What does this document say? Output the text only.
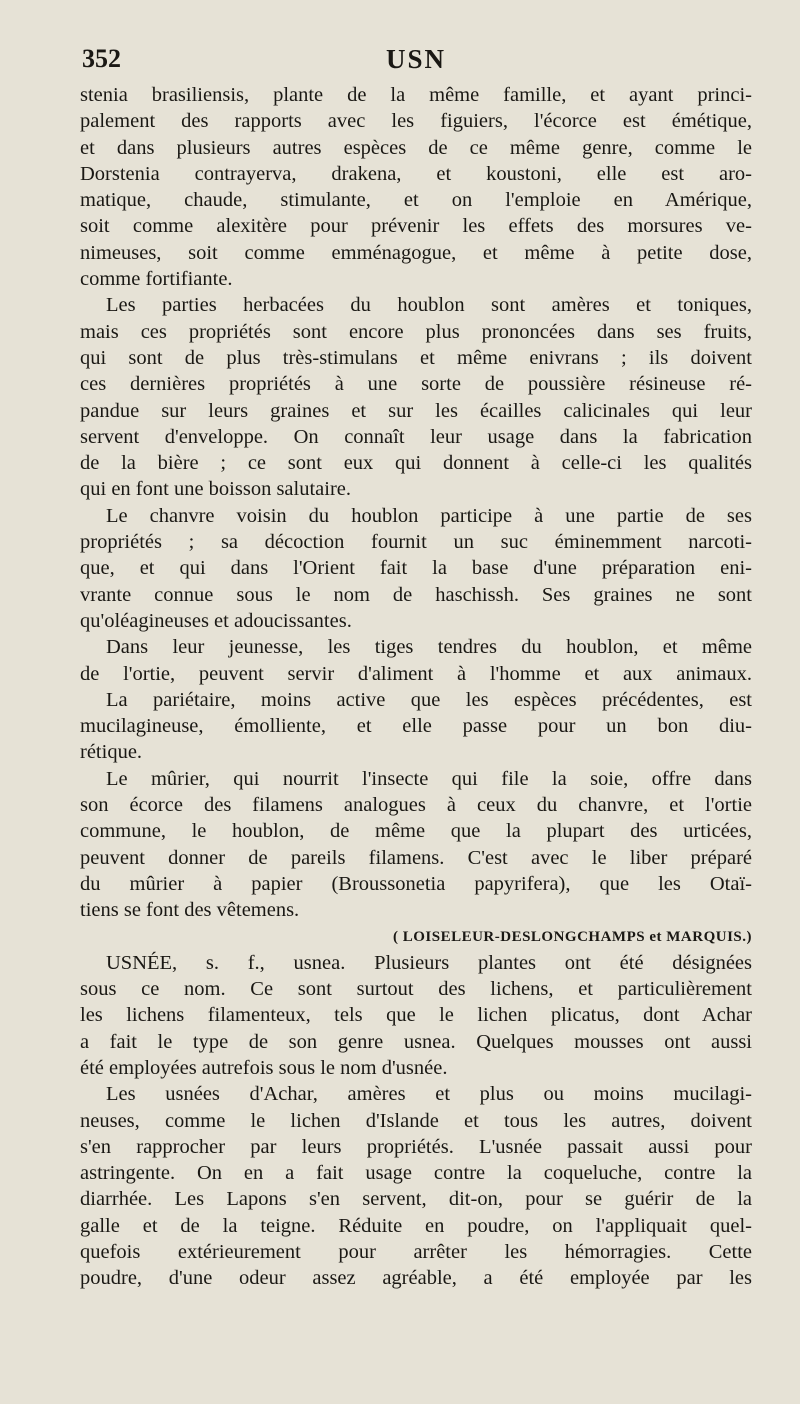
352	USN
stenia brasiliensis, plante de la même famille, et ayant princi-
palement des rapports avec les figuiers, l'écorce est émétique,
et dans plusieurs autres espèces de ce même genre, comme le
Dorstenia contrayerva, drakena, et koustoni, elle est aro-
matique, chaude, stimulante, et on l'emploie en Amérique,
soit comme alexitère pour prévenir les effets des morsures ve-
nimeuses, soit comme emménagogue, et même à petite dose,
comme fortifiante.
Les parties herbacées du houblon sont amères et toniques,
mais ces propriétés sont encore plus prononcées dans ses fruits,
qui sont de plus très-stimulans et même enivrans ; ils doivent
ces dernières propriétés à une sorte de poussière résineuse ré-
pandue sur leurs graines et sur les écailles calicinales qui leur
servent d'enveloppe. On connaît leur usage dans la fabrication
de la bière ; ce sont eux qui donnent à celle-ci les qualités
qui en font une boisson salutaire.
Le chanvre voisin du houblon participe à une partie de ses
propriétés ; sa décoction fournit un suc éminemment narcoti-
que, et qui dans l'Orient fait la base d'une préparation eni-
vrante connue sous le nom de haschissh. Ses graines ne sont
qu'oléagineuses et adoucissantes.
Dans leur jeunesse, les tiges tendres du houblon, et même
de l'ortie, peuvent servir d'aliment à l'homme et aux animaux.
La pariétaire, moins active que les espèces précédentes, est
mucilagineuse, émolliente, et elle passe pour un bon diu-
rétique.
Le mûrier, qui nourrit l'insecte qui file la soie, offre dans
son écorce des filamens analogues à ceux du chanvre, et l'ortie
commune, le houblon, de même que la plupart des urticées,
peuvent donner de pareils filamens. C'est avec le liber préparé
du mûrier à papier (Broussonetia papyrifera), que les Otaï-
tiens se font des vêtemens.
( LOISELEUR-DESLONGCHAMPS et MARQUIS.)
USNÉE, s. f., usnea. Plusieurs plantes ont été désignées
sous ce nom. Ce sont surtout des lichens, et particulièrement
les lichens filamenteux, tels que le lichen plicatus, dont Achar
a fait le type de son genre usnea. Quelques mousses ont aussi
été employées autrefois sous le nom d'usnée.
Les usnées d'Achar, amères et plus ou moins mucilagi-
neuses, comme le lichen d'Islande et tous les autres, doivent
s'en rapprocher par leurs propriétés. L'usnée passait aussi pour
astringente. On en a fait usage contre la coqueluche, contre la
diarrhée. Les Lapons s'en servent, dit-on, pour se guérir de la
galle et de la teigne. Réduite en poudre, on l'appliquait quel-
quefois extérieurement pour arrêter les hémorragies. Cette
poudre, d'une odeur assez agréable, a été employée par les
